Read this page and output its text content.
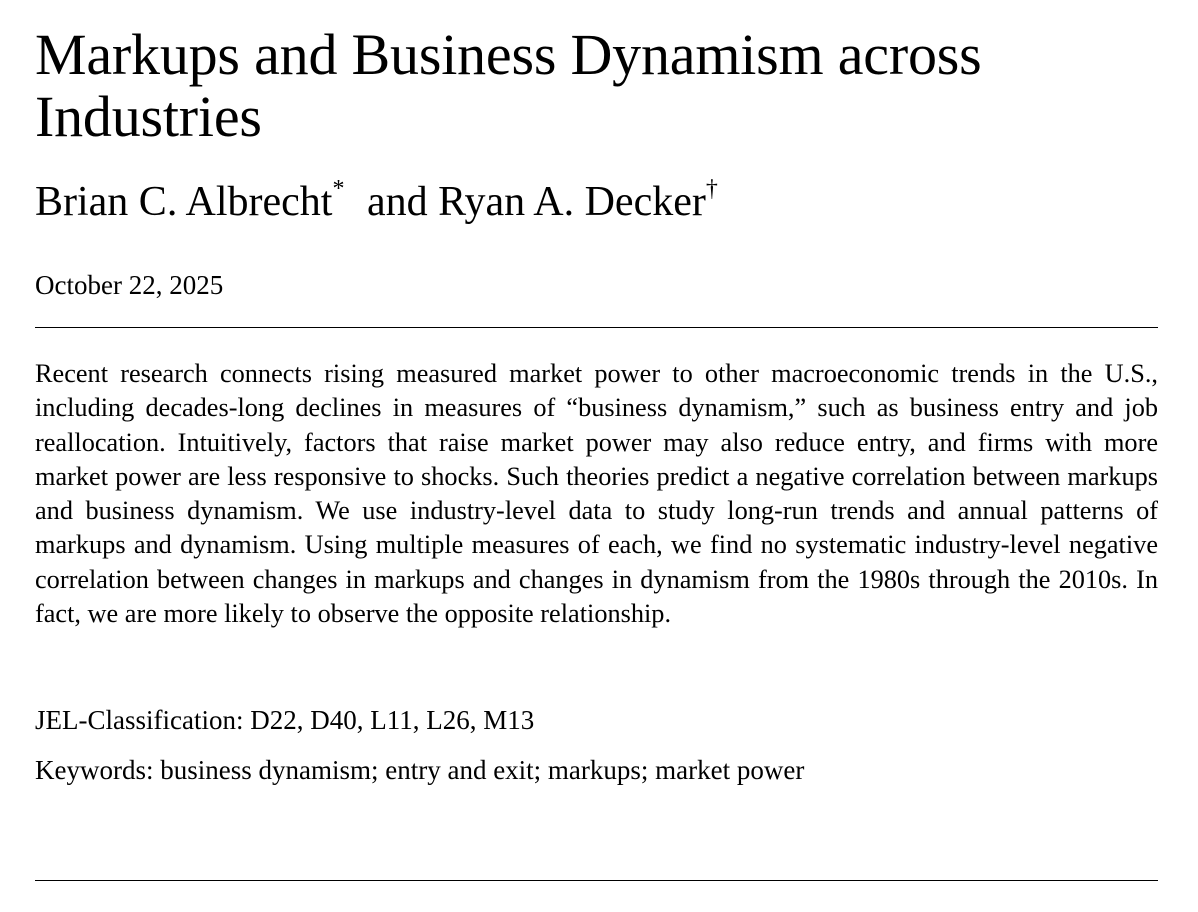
Markups and Business Dynamism across Industries
Brian C. Albrecht* and Ryan A. Decker†
October 22, 2025

Recent research connects rising measured market power to other macroeconomic trends in the U.S., including decades-long declines in measures of “business dynamism,” such as business entry and job reallocation. Intuitively, factors that raise market power may also reduce entry, and firms with more market power are less responsive to shocks. Such theories predict a negative correlation between markups and business dynamism. We use industry-level data to study long-run trends and annual patterns of markups and dynamism. Using multiple measures of each, we find no systematic industry-level negative correlation between changes in markups and changes in dynamism from the 1980s through the 2010s. In fact, we are more likely to observe the opposite relationship.

JEL-Classification: D22, D40, L11, L26, M13
Keywords: business dynamism; entry and exit; markups; market power
